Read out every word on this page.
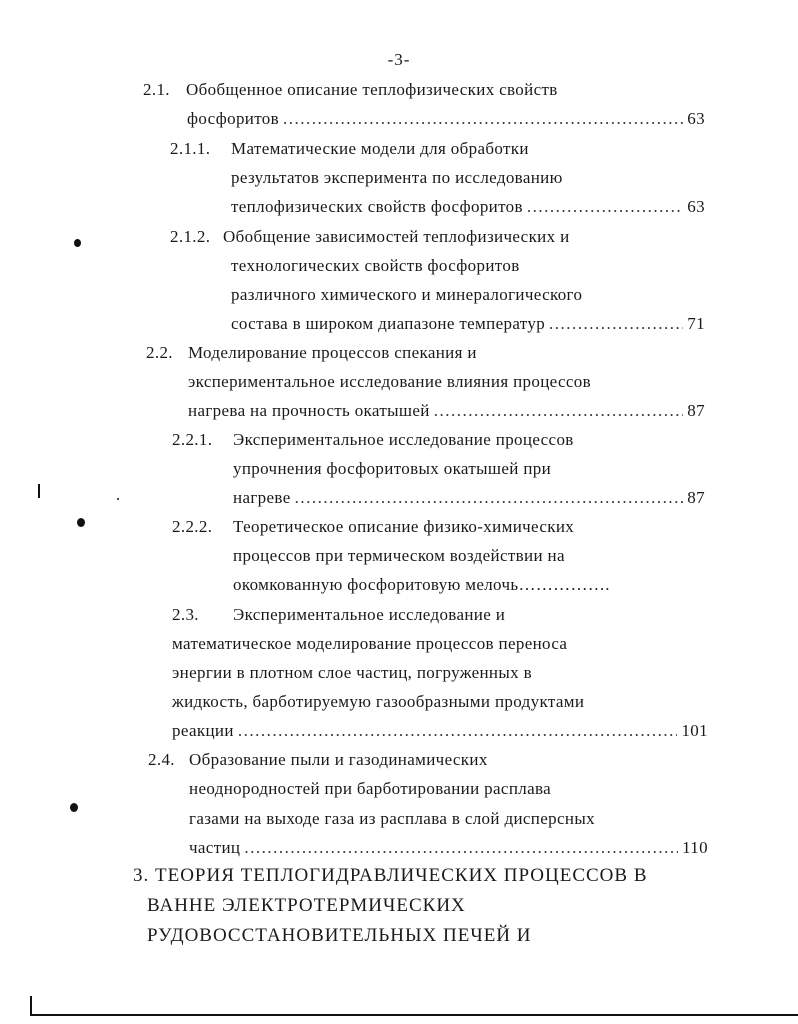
-3-
2.1. Обобщенное описание теплофизических свойств
фосфоритов .....	63
2.1.1. Математические модели для обработки
результатов эксперимента по исследованию
теплофизических свойств фосфоритов .....	63
2.1.2. Обобщение зависимостей теплофизических и
технологических свойств фосфоритов
различного химического и минералогического
состава в широком диапазоне температур .....	71
2.2. Моделирование процессов спекания и
экспериментальное исследование влияния процессов
нагрева на прочность окатышей .....	87
2.2.1. Экспериментальное исследование процессов
упрочнения фосфоритовых окатышей при
нагреве .....	87
2.2.2. Теоретическое описание физико-химических
процессов при термическом воздействии на
окомкованную фосфоритовую мелочь…………….
2.3. Экспериментальное исследование и
математическое моделирование процессов переноса
энергии в плотном слое частиц, погруженных в
жидкость, барботируемую газообразными продуктами
реакции .....	101
2.4. Образование пыли и газодинамических
неоднородностей при барботировании расплава
газами на выходе газа из расплава в слой дисперсных
частиц .....	110
3. ТЕОРИЯ ТЕПЛОГИДРАВЛИЧЕСКИХ ПРОЦЕССОВ В
ВАННЕ ЭЛЕКТРОТЕРМИЧЕСКИХ
РУДОВОССТАНОВИТЕЛЬНЫХ ПЕЧЕЙ И
